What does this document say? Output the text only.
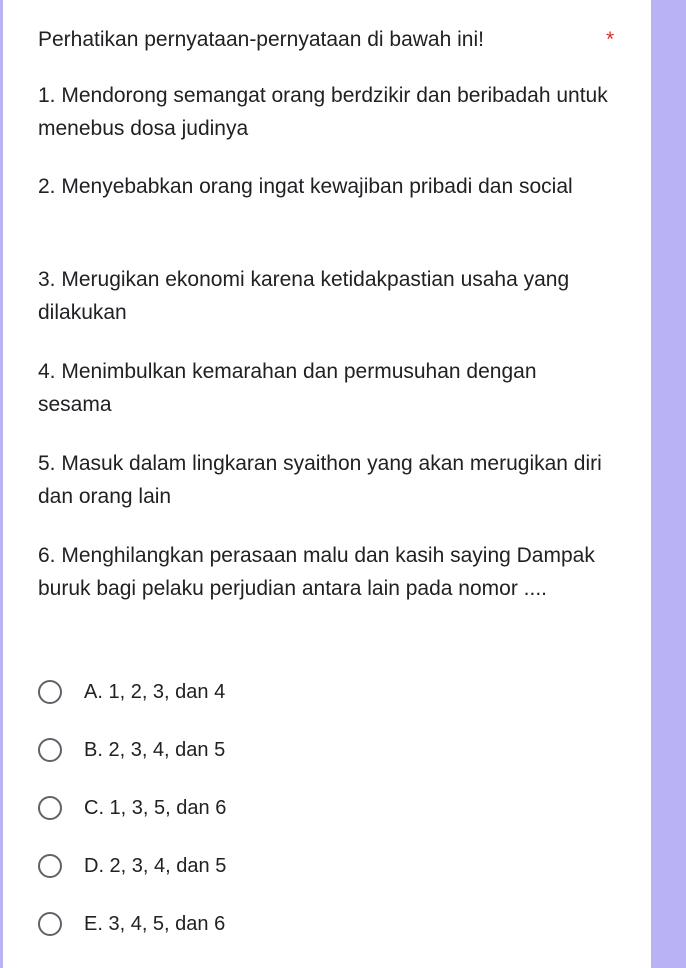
Perhatikan pernyataan-pernyataan di bawah ini!	*
1. Mendorong semangat orang berdzikir dan beribadah untuk menebus dosa judinya
2. Menyebabkan orang ingat kewajiban pribadi dan social
3. Merugikan ekonomi karena ketidakpastian usaha yang dilakukan
4. Menimbulkan kemarahan dan permusuhan dengan sesama
5. Masuk dalam lingkaran syaithon yang akan merugikan diri dan orang lain
6. Menghilangkan perasaan malu dan kasih saying Dampak buruk bagi pelaku perjudian antara lain pada nomor ....
A. 1, 2, 3, dan 4
B. 2, 3, 4, dan 5
C. 1, 3, 5, dan 6
D. 2, 3, 4, dan 5
E. 3, 4, 5, dan 6
